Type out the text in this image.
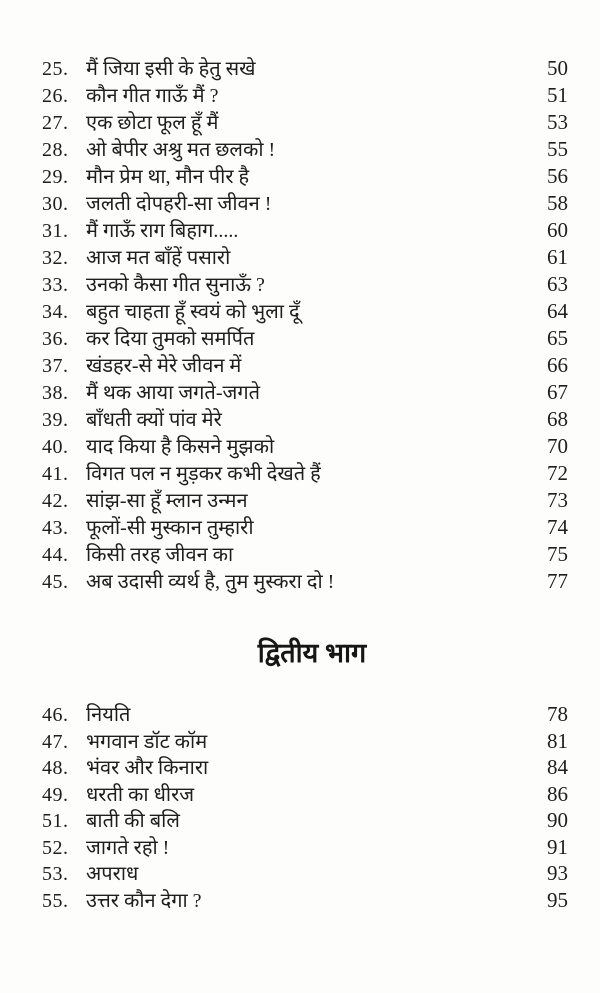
25. मैं जिया इसी के हेतु सखे	50
26. कौन गीत गाऊँ मैं ?	51
27. एक छोटा फूल हूँ मैं	53
28. ओ बेपीर अश्रु मत छलको !	55
29. मौन प्रेम था, मौन पीर है	56
30. जलती दोपहरी-सा जीवन !	58
31. मैं गाऊँ राग बिहाग.....	60
32. आज मत बाँहें पसारो	61
33. उनको कैसा गीत सुनाऊँ ?	63
34. बहुत चाहता हूँ स्वयं को भुला दूँ	64
36. कर दिया तुमको समर्पित	65
37. खंडहर-से मेरे जीवन में	66
38. मैं थक आया जगते-जगते	67
39. बाँधती क्यों पांव मेरे	68
40. याद किया है किसने मुझको	70
41. विगत पल न मुड़कर कभी देखते हैं	72
42. सांझ-सा हूँ म्लान उन्मन	73
43. फूलों-सी मुस्कान तुम्हारी	74
44. किसी तरह जीवन का	75
45. अब उदासी व्यर्थ है, तुम मुस्करा दो !	77
द्वितीय भाग
46. नियति	78
47. भगवान डॉट कॉम	81
48. भंवर और किनारा	84
49. धरती का धीरज	86
51. बाती की बलि	90
52. जागते रहो !	91
53. अपराध	93
55. उत्तर कौन देगा ?	95
